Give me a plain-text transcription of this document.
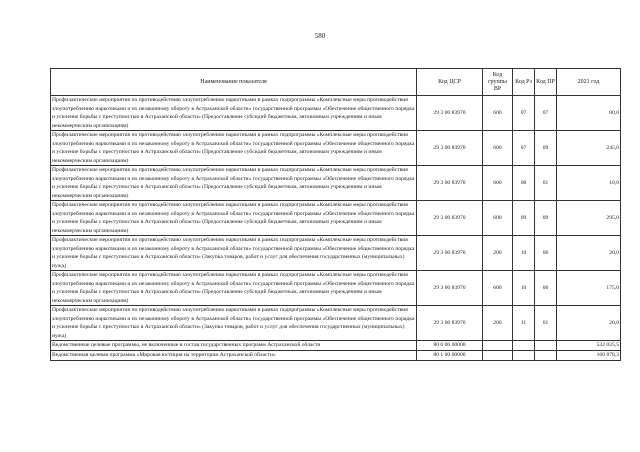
580
Наименование показателя	Код ЦСР	Код группы ВР	Код Рз	Код ПР	2021 год
Профилактические мероприятия по противодействию злоупотреблению наркотиками в рамках подпрограммы «Комплексные меры противодействия злоупотреблению наркотиками и их незаконному обороту в Астраханской области» государственной программы «Обеспечение общественного порядка и усиление борьбы с преступностью в Астраханской области» (Предоставление субсидий бюджетным, автономным учреждениям и иным некоммерческим организациям)	29 3 00 83970	600	07	07	80,0
Профилактические мероприятия по противодействию злоупотреблению наркотиками в рамках подпрограммы «Комплексные меры противодействия злоупотреблению наркотиками и их незаконному обороту в Астраханской области» государственной программы «Обеспечение общественного порядка и усиление борьбы с преступностью в Астраханской области» (Предоставление субсидий бюджетным, автономным учреждениям и иным некоммерческим организациям)	29 3 00 83970	600	07	09	245,0
Профилактические мероприятия по противодействию злоупотреблению наркотиками в рамках подпрограммы «Комплексные меры противодействия злоупотреблению наркотиками и их незаконному обороту в Астраханской области» государственной программы «Обеспечение общественного порядка и усиление борьбы с преступностью в Астраханской области» (Предоставление субсидий бюджетным, автономным учреждениям и иным некоммерческим организациям)	29 3 00 83970	600	08	01	10,0
Профилактические мероприятия по противодействию злоупотреблению наркотиками в рамках подпрограммы «Комплексные меры противодействия злоупотреблению наркотиками и их незаконному обороту в Астраханской области» государственной программы «Обеспечение общественного порядка и усиление борьбы с преступностью в Астраханской области» (Предоставление субсидий бюджетным, автономным учреждениям и иным некоммерческим организациям)	29 3 00 83970	600	09	09	295,0
Профилактические мероприятия по противодействию злоупотреблению наркотиками в рамках подпрограммы «Комплексные меры противодействия злоупотреблению наркотиками и их незаконному обороту в Астраханской области» государственной программы «Обеспечение общественного порядка и усиление борьбы с преступностью в Астраханской области» (Закупка товаров, работ и услуг для обеспечения государственных (муниципальных) нужд)	29 3 00 83970	200	10	06	20,0
Профилактические мероприятия по противодействию злоупотреблению наркотиками в рамках подпрограммы «Комплексные меры противодействия злоупотреблению наркотиками и их незаконному обороту в Астраханской области» государственной программы «Обеспечение общественного порядка и усиление борьбы с преступностью в Астраханской области» (Предоставление субсидий бюджетным, автономным учреждениям и иным некоммерческим организациям)	29 3 00 83970	600	10	06	175,0
Профилактические мероприятия по противодействию злоупотреблению наркотиками в рамках подпрограммы «Комплексные меры противодействия злоупотреблению наркотиками и их незаконному обороту в Астраханской области» государственной программы «Обеспечение общественного порядка и усиление борьбы с преступностью в Астраханской области» (Закупка товаров, работ и услуг для обеспечения государственных (муниципальных) нужд)	29 3 00 83970	200	11	01	20,0
Ведомственные целевые программы, не включенные в состав государственных программ Астраханской области	80 0 00 00000				532 025,5
Ведомственная целевая программа «Мировая юстиция на территории Астраханской области»	80 1 00 00000				160 878,3
